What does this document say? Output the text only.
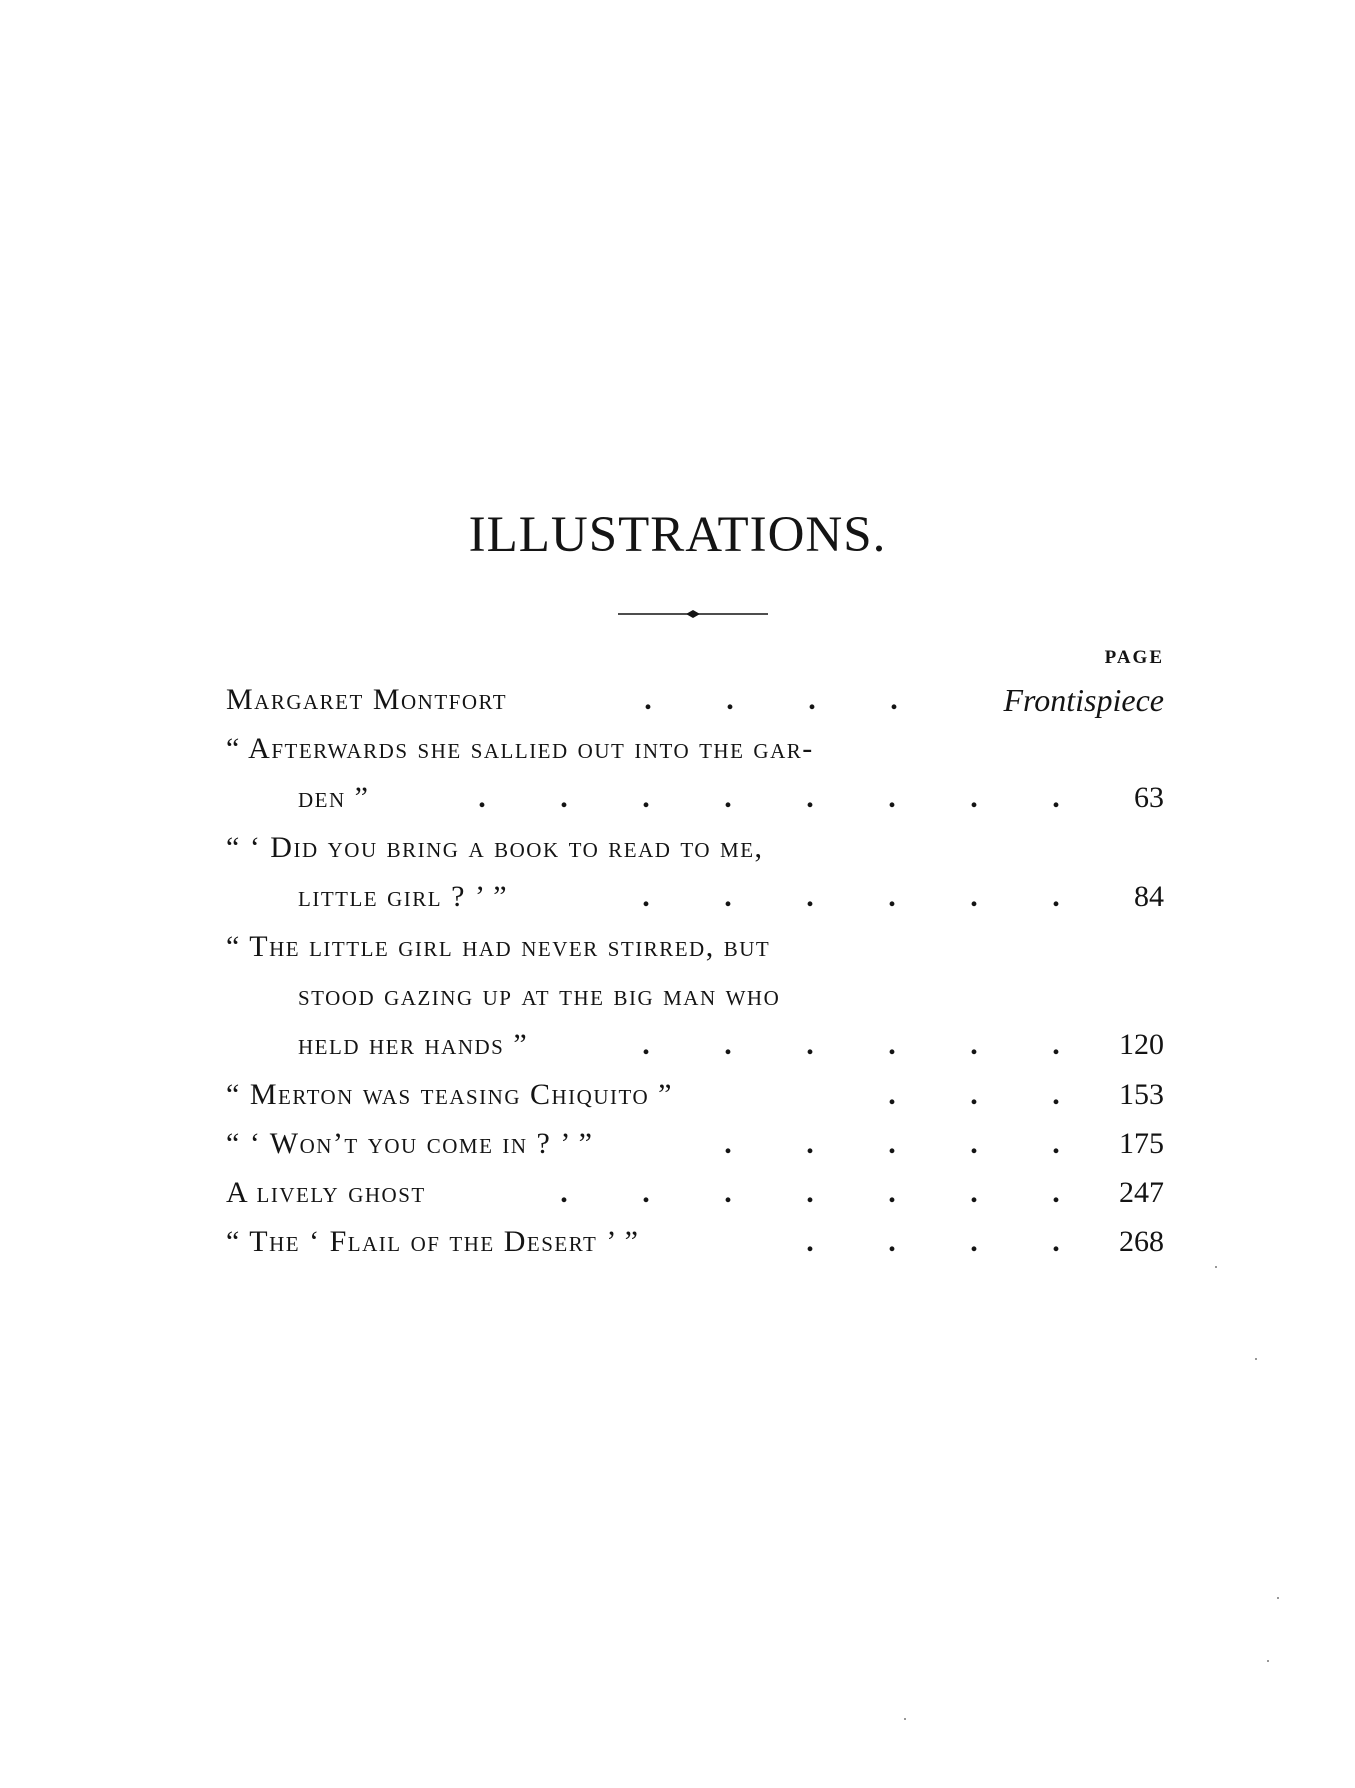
ILLUSTRATIONS.
PAGE
Margaret Montfort	. . . .	Frontispiece
“ Afterwards she sallied out into the gar-
den ”	. . . . . . . . 63
“ ‘ Did you bring a book to read to me,
little girl ? ’ ”	. . . . . . 84
“ The little girl had never stirred, but
stood gazing up at the big man who
held her hands ”	. . . . . . 120
“ Merton was teasing Chiquito ”	. . . 153
“ ‘ Won’t you come in ? ’ ”	. . . . . 175
A lively ghost	. . . . . . . 247
“ The ‘ Flail of the Desert ’ ”	. . . . 268
